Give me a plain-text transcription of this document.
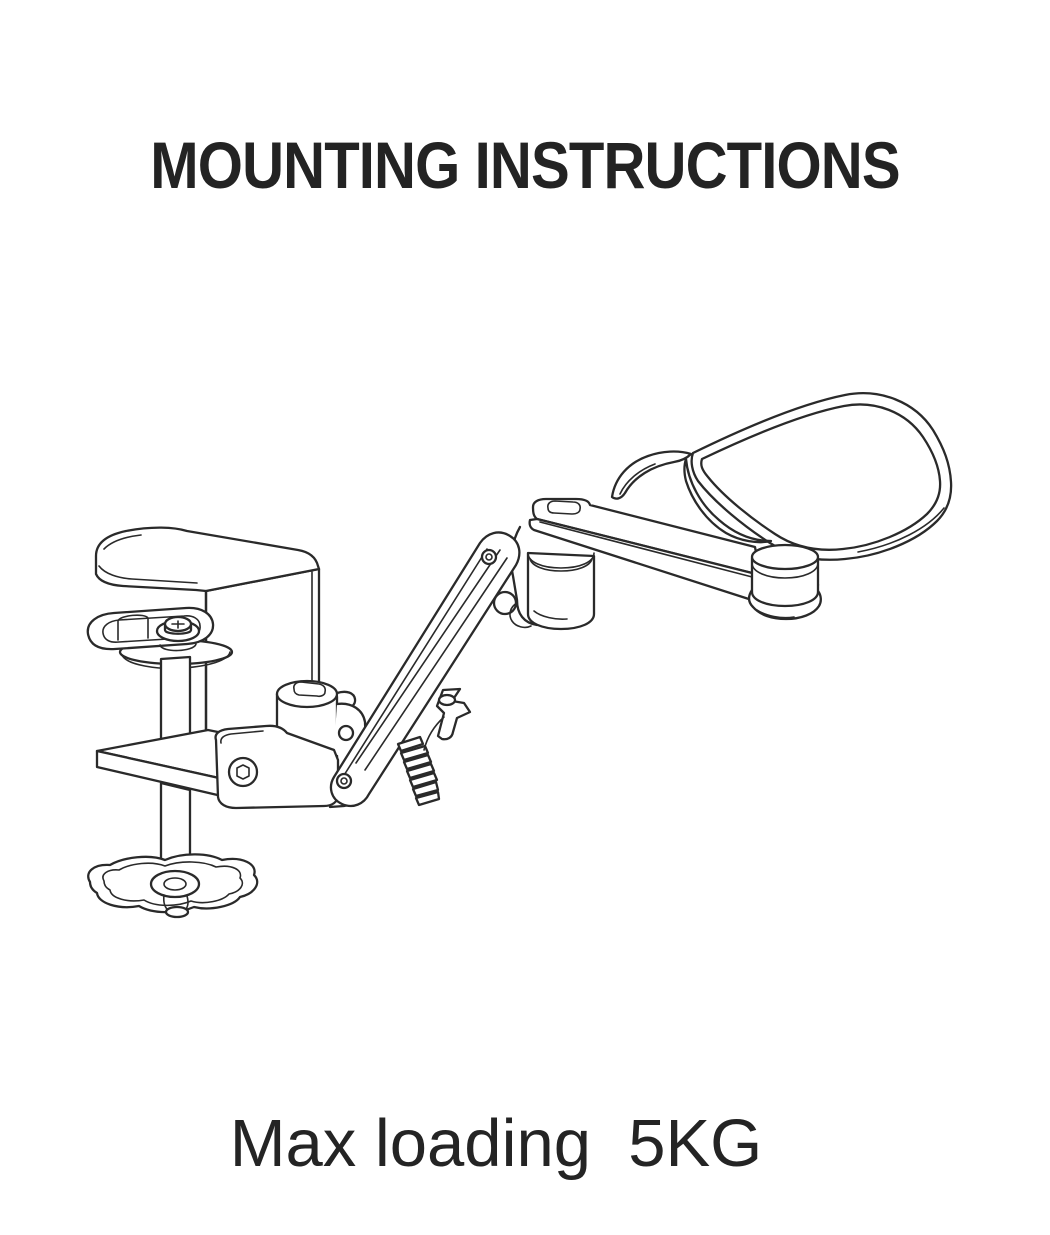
MOUNTING INSTRUCTIONS
Max loading  5KG
